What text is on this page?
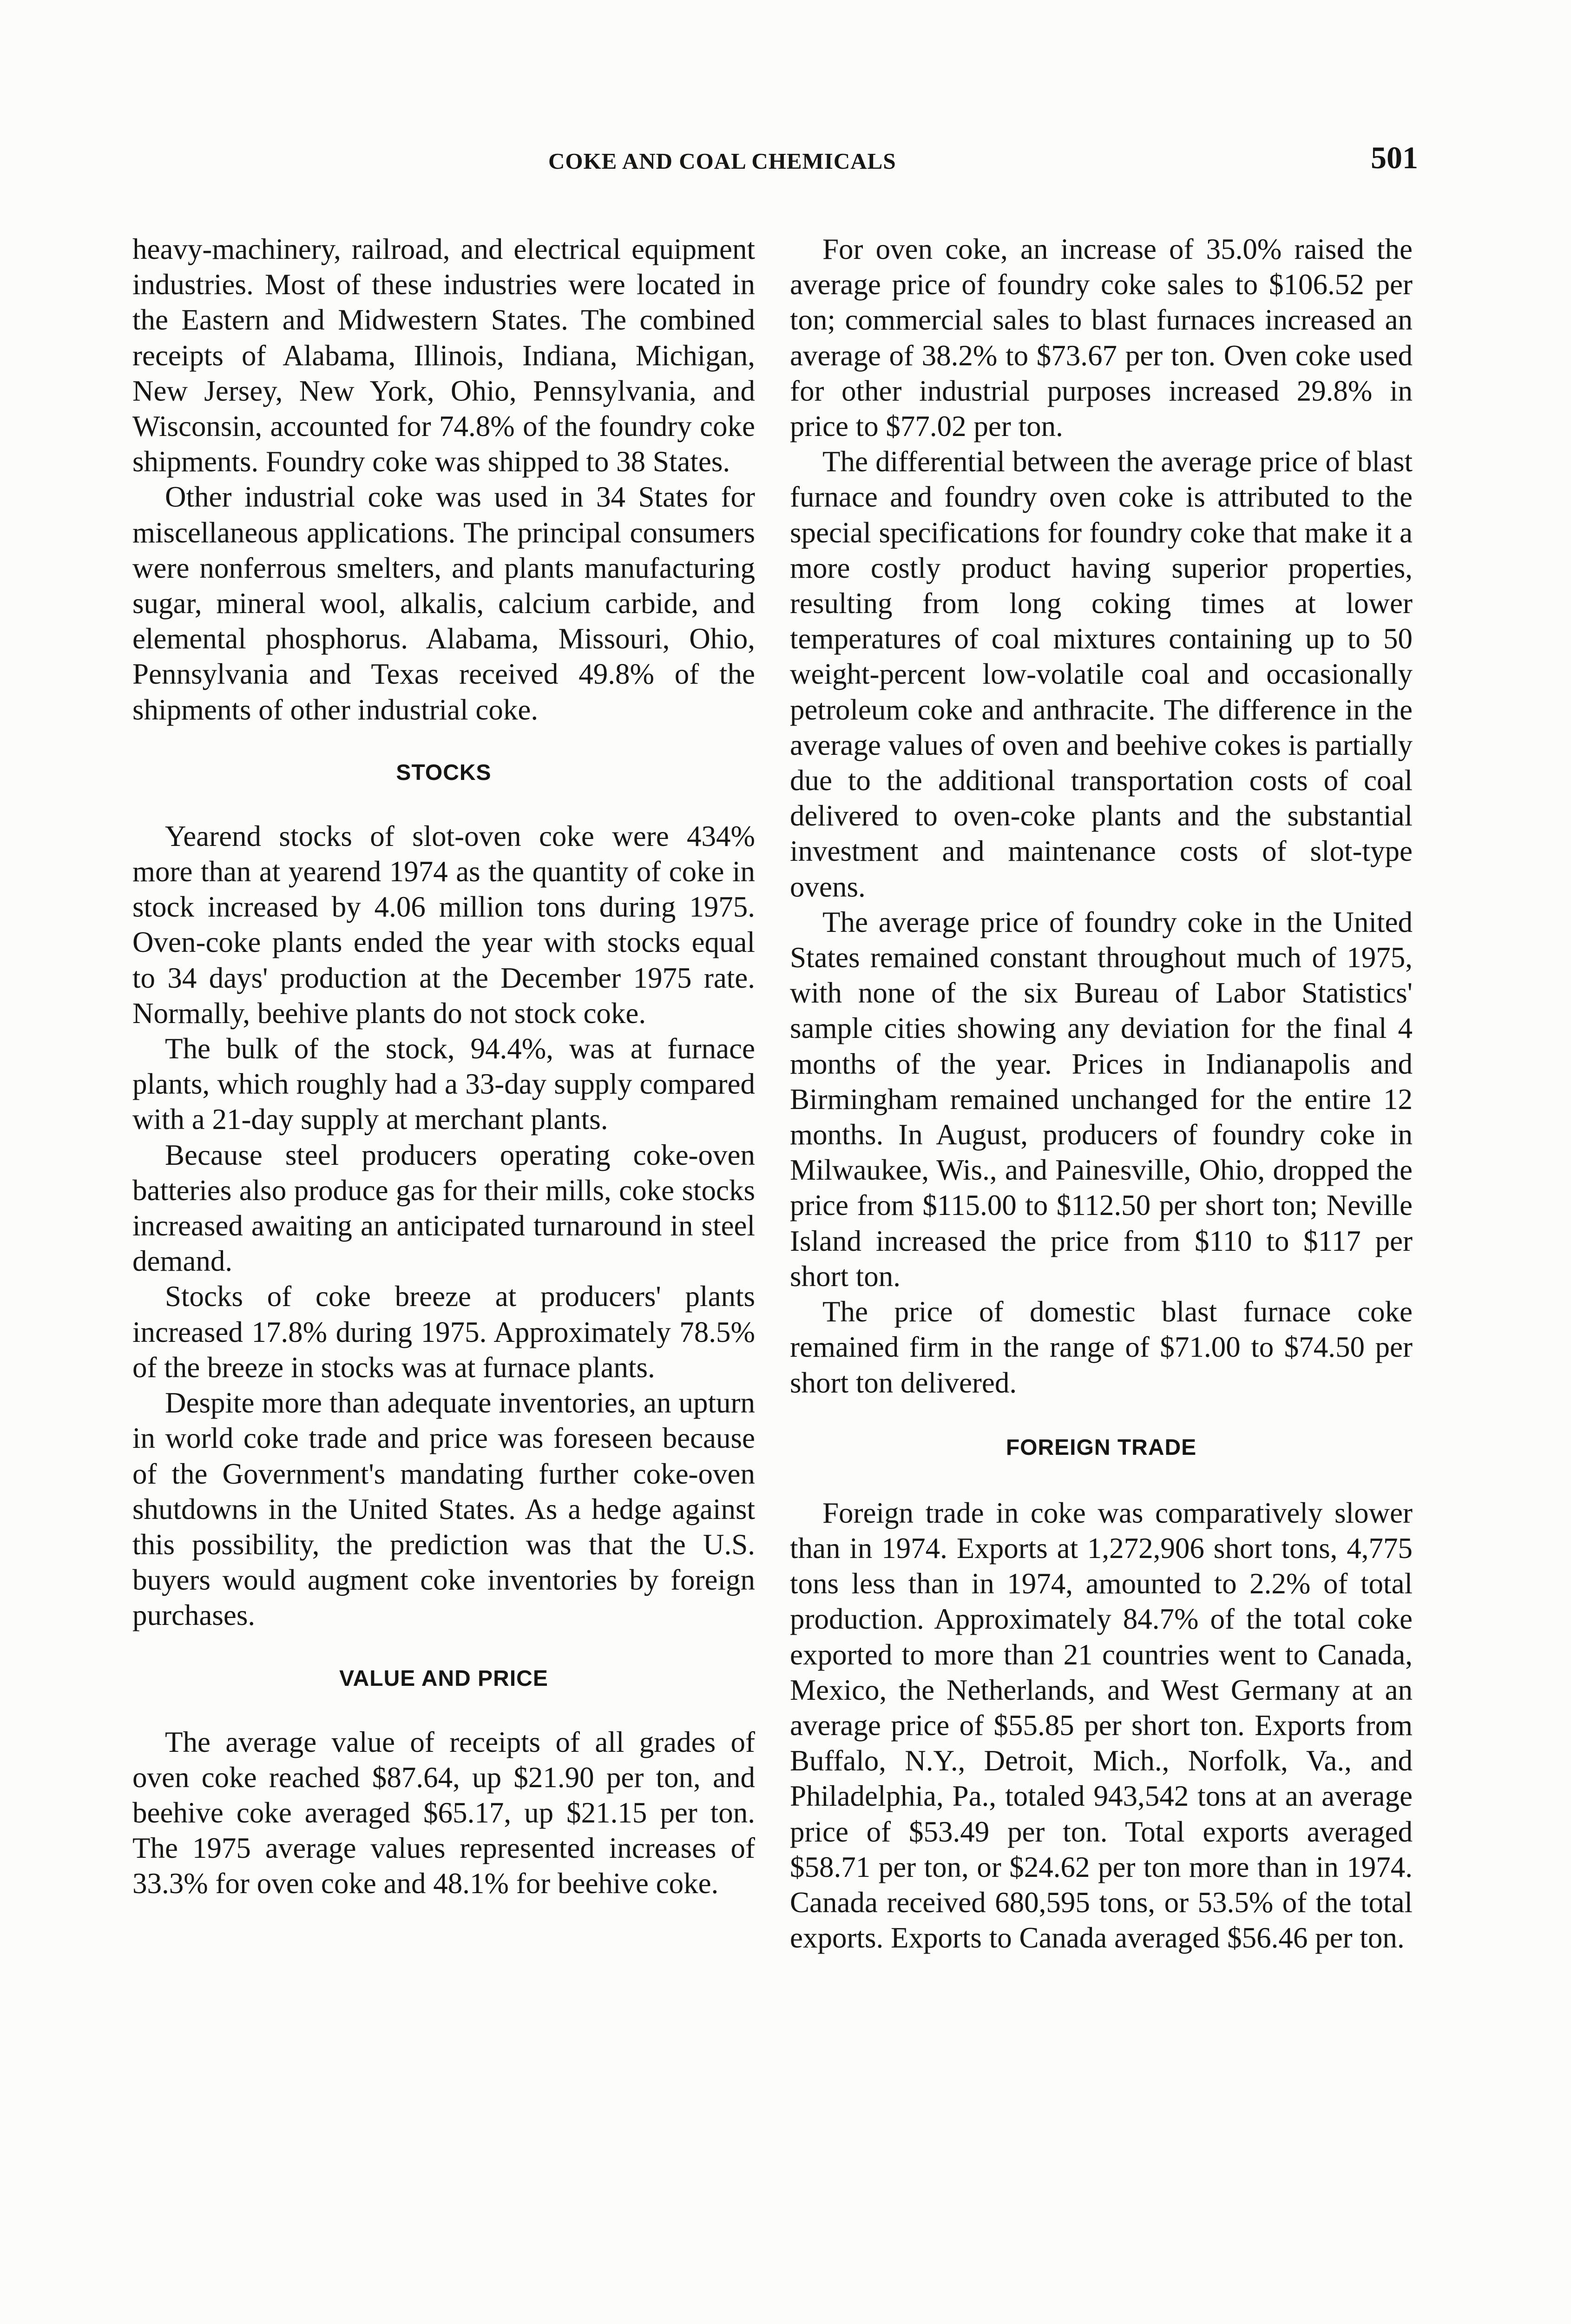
COKE AND COAL CHEMICALS	501

heavy-machinery, railroad, and electrical equipment industries. Most of these industries were located in the Eastern and Midwestern States. The combined receipts of Alabama, Illinois, Indiana, Michigan, New Jersey, New York, Ohio, Pennsylvania, and Wisconsin, accounted for 74.8% of the foundry coke shipments. Foundry coke was shipped to 38 States.

Other industrial coke was used in 34 States for miscellaneous applications. The principal consumers were nonferrous smelters, and plants manufacturing sugar, mineral wool, alkalis, calcium carbide, and elemental phosphorus. Alabama, Missouri, Ohio, Pennsylvania and Texas received 49.8% of the shipments of other industrial coke.

STOCKS

Yearend stocks of slot-oven coke were 434% more than at yearend 1974 as the quantity of coke in stock increased by 4.06 million tons during 1975. Oven-coke plants ended the year with stocks equal to 34 days' production at the December 1975 rate. Normally, beehive plants do not stock coke.

The bulk of the stock, 94.4%, was at furnace plants, which roughly had a 33-day supply compared with a 21-day supply at merchant plants.

Because steel producers operating coke-oven batteries also produce gas for their mills, coke stocks increased awaiting an anticipated turnaround in steel demand.

Stocks of coke breeze at producers' plants increased 17.8% during 1975. Approximately 78.5% of the breeze in stocks was at furnace plants.

Despite more than adequate inventories, an upturn in world coke trade and price was foreseen because of the Government's mandating further coke-oven shutdowns in the United States. As a hedge against this possibility, the prediction was that the U.S. buyers would augment coke inventories by foreign purchases.

VALUE AND PRICE

The average value of receipts of all grades of oven coke reached $87.64, up $21.90 per ton, and beehive coke averaged $65.17, up $21.15 per ton. The 1975 average values represented increases of 33.3% for oven coke and 48.1% for beehive coke.

For oven coke, an increase of 35.0% raised the average price of foundry coke sales to $106.52 per ton; commercial sales to blast furnaces increased an average of 38.2% to $73.67 per ton. Oven coke used for other industrial purposes increased 29.8% in price to $77.02 per ton.

The differential between the average price of blast furnace and foundry oven coke is attributed to the special specifications for foundry coke that make it a more costly product having superior properties, resulting from long coking times at lower temperatures of coal mixtures containing up to 50 weight-percent low-volatile coal and occasionally petroleum coke and anthracite. The difference in the average values of oven and beehive cokes is partially due to the additional transportation costs of coal delivered to oven-coke plants and the substantial investment and maintenance costs of slot-type ovens.

The average price of foundry coke in the United States remained constant throughout much of 1975, with none of the six Bureau of Labor Statistics' sample cities showing any deviation for the final 4 months of the year. Prices in Indianapolis and Birmingham remained unchanged for the entire 12 months. In August, producers of foundry coke in Milwaukee, Wis., and Painesville, Ohio, dropped the price from $115.00 to $112.50 per short ton; Neville Island increased the price from $110 to $117 per short ton.

The price of domestic blast furnace coke remained firm in the range of $71.00 to $74.50 per short ton delivered.

FOREIGN TRADE

Foreign trade in coke was comparatively slower than in 1974. Exports at 1,272,906 short tons, 4,775 tons less than in 1974, amounted to 2.2% of total production. Approximately 84.7% of the total coke exported to more than 21 countries went to Canada, Mexico, the Netherlands, and West Germany at an average price of $55.85 per short ton. Exports from Buffalo, N.Y., Detroit, Mich., Norfolk, Va., and Philadelphia, Pa., totaled 943,542 tons at an average price of $53.49 per ton. Total exports averaged $58.71 per ton, or $24.62 per ton more than in 1974. Canada received 680,595 tons, or 53.5% of the total exports. Exports to Canada averaged $56.46 per ton.
